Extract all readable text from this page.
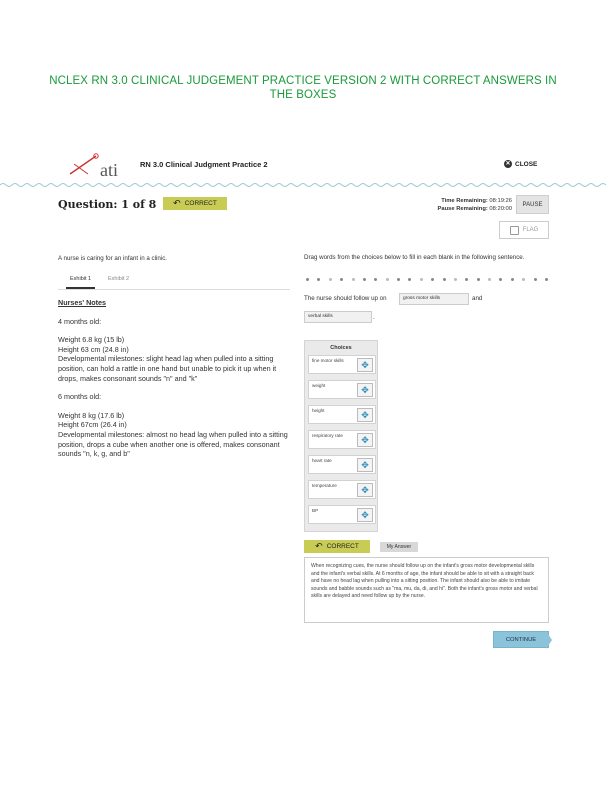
NCLEX RN 3.0 CLINICAL JUDGEMENT PRACTICE VERSION 2 WITH CORRECT ANSWERS IN THE BOXES
ati	RN 3.0 Clinical Judgment Practice 2	✕ CLOSE
Question: 1 of 8 ↶ CORRECT	Time Remaining: 08:19:26
Pause Remaining: 08:20:00
PAUSE
FLAG
A nurse is caring for an infant in a clinic.
Exhibit 1	Exhibit 2
Nurses' Notes
4 months old:
Weight 6.8 kg (15 lb)
Height 63 cm (24.8 in)
Developmental milestones: slight head lag when pulled into a sitting position, can hold a rattle in one hand but unable to pick it up when it drops, makes consonant sounds "n" and "k"
6 months old:
Weight 8 kg (17.6 lb)
Height 67cm (26.4 in)
Developmental milestones: almost no head lag when pulled into a sitting position, drops a cube when another one is offered, makes consonant sounds "n, k, g, and b"
Drag words from the choices below to fill in each blank in the following sentence.
The nurse should follow up on	gross motor skills	and
verbal skills	.
Choices
fine motor skills	✥
weight	✥
height	✥
respiratory rate	✥
heart rate	✥
temperature	✥
BP	✥
↶ CORRECT	My Answer
When recognizing cues, the nurse should follow up on the infant's gross motor developmental skills and the infant's verbal skills. At 6 months of age, the infant should be able to sit with a straight back and have no head lag when pulling into a sitting position. The infant should also be able to imitate sounds and babble sounds such as "ma, mu, da, di, and hi". Both the infant's gross motor and verbal skills are delayed and need follow up by the nurse.
CONTINUE
